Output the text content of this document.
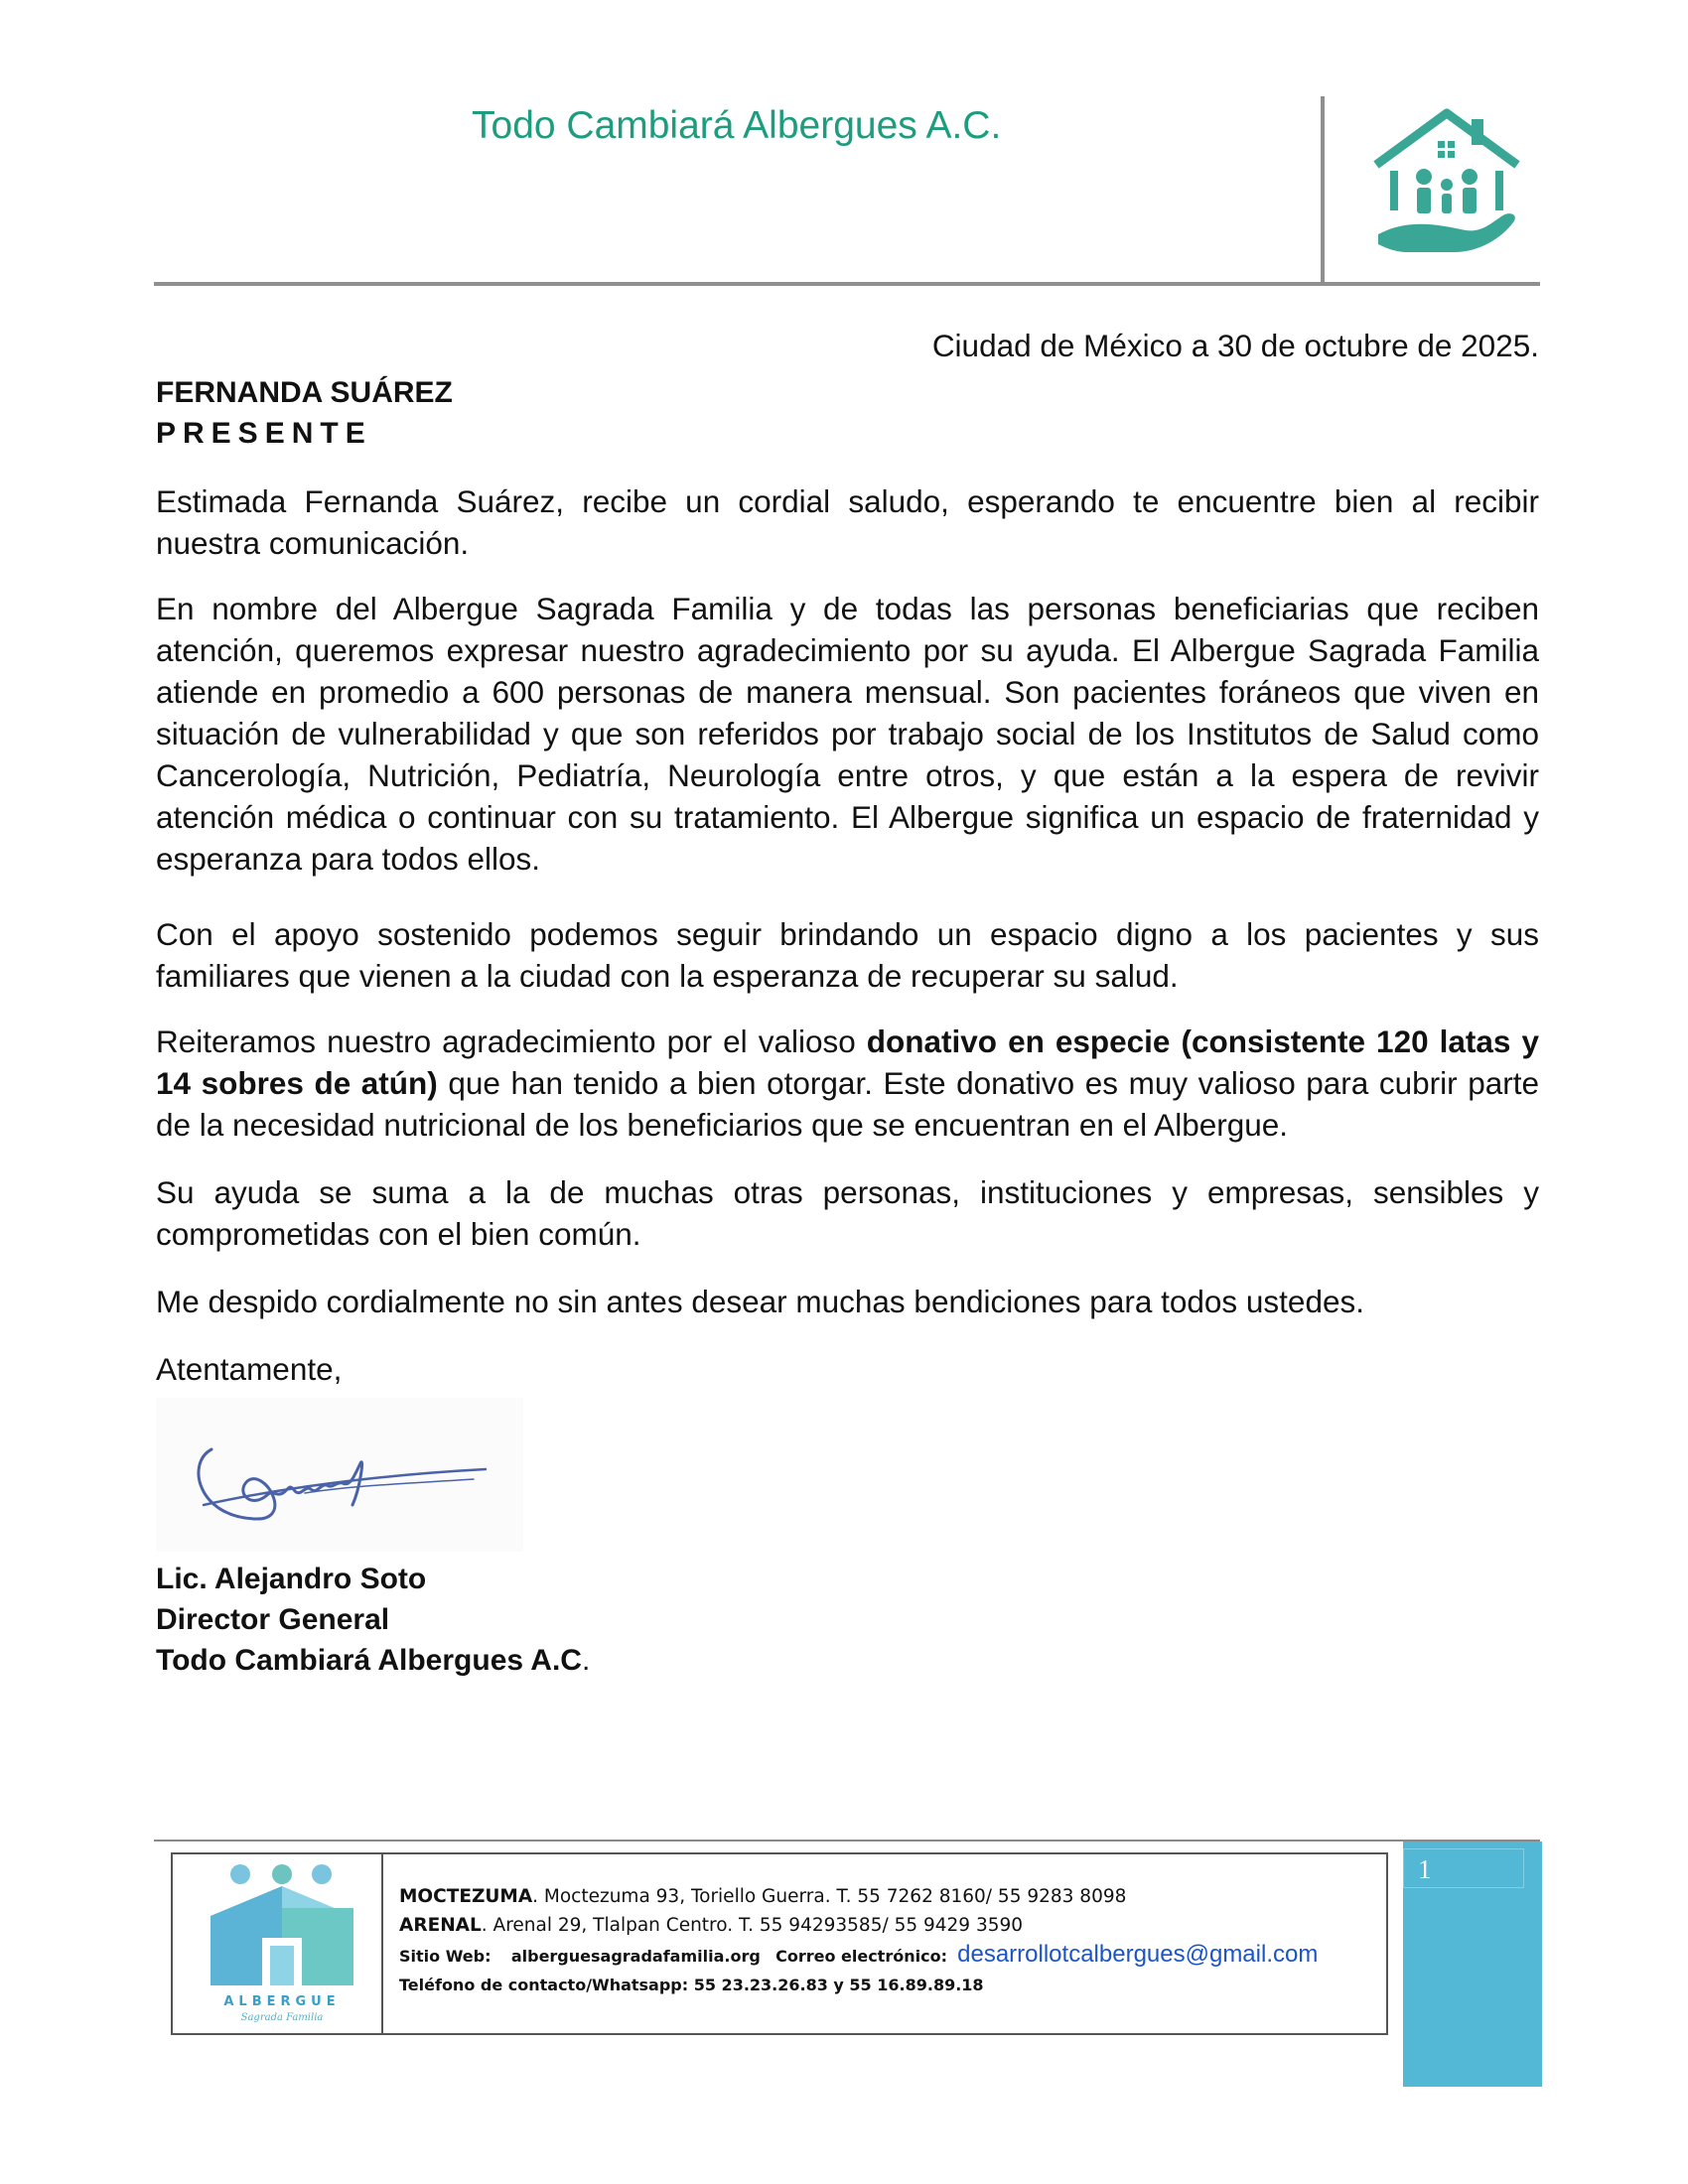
Todo Cambiará Albergues A.C.
Ciudad de México a 30 de octubre de 2025.
FERNANDA SUÁREZ
PRESENTE

Estimada Fernanda Suárez, recibe un cordial saludo, esperando te encuentre bien al recibir nuestra comunicación.

En nombre del Albergue Sagrada Familia y de todas las personas beneficiarias que reciben atención, queremos expresar nuestro agradecimiento por su ayuda. El Albergue Sagrada Familia atiende en promedio a 600 personas de manera mensual. Son pacientes foráneos que viven en situación de vulnerabilidad y que son referidos por trabajo social de los Institutos de Salud como Cancerología, Nutrición, Pediatría, Neurología entre otros, y que están a la espera de revivir atención médica o continuar con su tratamiento. El Albergue significa un espacio de fraternidad y esperanza para todos ellos.

Con el apoyo sostenido podemos seguir brindando un espacio digno a los pacientes y sus familiares que vienen a la ciudad con la esperanza de recuperar su salud.

Reiteramos nuestro agradecimiento por el valioso donativo en especie (consistente 120 latas y 14 sobres de atún) que han tenido a bien otorgar. Este donativo es muy valioso para cubrir parte de la necesidad nutricional de los beneficiarios que se encuentran en el Albergue.

Su ayuda se suma a la de muchas otras personas, instituciones y empresas, sensibles y comprometidas con el bien común.

Me despido cordialmente no sin antes desear muchas bendiciones para todos ustedes.

Atentamente,

Lic. Alejandro Soto
Director General
Todo Cambiará Albergues A.C.
ALBERGUE
Sagrada Familia
MOCTEZUMA. Moctezuma 93, Toriello Guerra. T. 55 7262 8160/ 55 9283 8098
ARENAL. Arenal 29, Tlalpan Centro. T. 55 94293585/ 55 9429 3590
Sitio Web: alberguesagradafamilia.org Correo electrónico: desarrollotcalbergues@gmail.com
Teléfono de contacto/Whatsapp: 55 23.23.26.83 y 55 16.89.89.18
1
